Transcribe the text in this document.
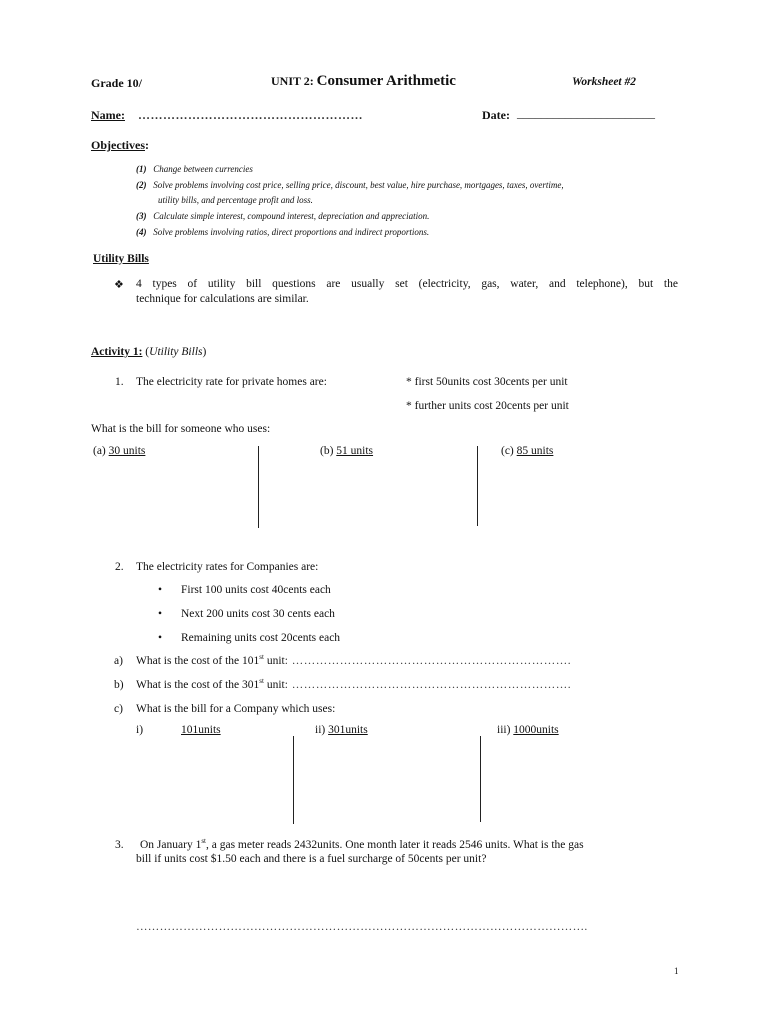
Grade 10/	UNIT 2: Consumer Arithmetic	Worksheet #2
Name: ………………………………………………	Date: _______________________
Objectives:
(1) Change between currencies
(2) Solve problems involving cost price, selling price, discount, best value, hire purchase, mortgages, taxes, overtime,
utility bills, and percentage profit and loss.
(3) Calculate simple interest, compound interest, depreciation and appreciation.
(4) Solve problems involving ratios, direct proportions and indirect proportions.
Utility Bills
❖ 4 types of utility bill questions are usually set (electricity, gas, water, and telephone), but the
technique for calculations are similar.
Activity 1: (Utility Bills)
1. The electricity rate for private homes are:	* first 50units cost 30cents per unit
* further units cost 20cents per unit
What is the bill for someone who uses:
(a) 30 units	(b) 51 units	(c) 85 units
2. The electricity rates for Companies are:
• First 100 units cost 40cents each
• Next 200 units cost 30 cents each
• Remaining units cost 20cents each
a) What is the cost of the 101st unit: …………………………………………………………….
b) What is the cost of the 301st unit: …………………………………………………………….
c) What is the bill for a Company which uses:
i)	101units	ii) 301units	iii) 1000units
3. On January 1st, a gas meter reads 2432units. One month later it reads 2546 units. What is the gas
bill if units cost $1.50 each and there is a fuel surcharge of 50cents per unit?
…………………………………………………………………………………………………….
1
